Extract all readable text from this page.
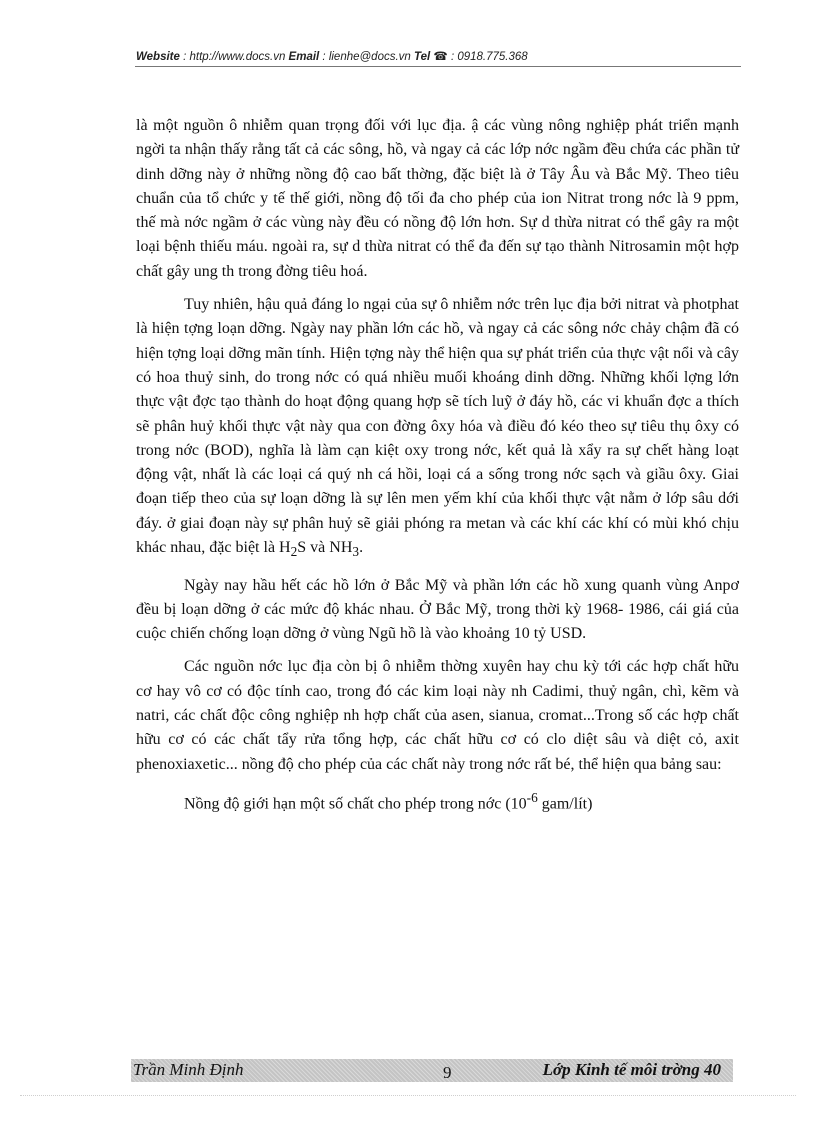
Website : http://www.docs.vn Email : lienhe@docs.vn Tel ☎ : 0918.775.368

là một nguồn ô nhiễm quan trọng đối với lục địa. ậ các vùng nông nghiệp phát triển mạnh ngời ta nhận thấy rằng tất cả các sông, hồ, và ngay cả các lớp nớc ngầm đều chứa các phần tử dinh dỡng này ở những nồng độ cao bất thờng, đặc biệt là ở Tây Âu và Bắc Mỹ. Theo tiêu chuẩn của tổ chức y tế thế giới, nồng độ tối đa cho phép của ion Nitrat trong nớc là 9 ppm, thế mà nớc ngầm ở các vùng này đều có nồng độ lớn hơn. Sự d thừa nitrat có thể gây ra một loại bệnh thiếu máu. ngoài ra, sự d thừa nitrat có thể đa đến sự tạo thành Nitrosamin một hợp chất gây ung th trong đờng tiêu hoá.

Tuy nhiên, hậu quả đáng lo ngại của sự ô nhiễm nớc trên lục địa bởi nitrat và photphat là hiện tợng loạn dỡng. Ngày nay phần lớn các hồ, và ngay cả các sông nớc chảy chậm đã có hiện tợng loại dỡng mãn tính. Hiện tợng này thể hiện qua sự phát triển của thực vật nổi và cây có hoa thuỷ sinh, do trong nớc có quá nhiều muối khoáng dinh dỡng. Những khối lợng lớn thực vật đợc tạo thành do hoạt động quang hợp sẽ tích luỹ ở đáy hồ, các vi khuẩn đợc a thích sẽ phân huỷ khối thực vật này qua con đờng ôxy hóa và điều đó kéo theo sự tiêu thụ ôxy có trong nớc (BOD), nghĩa là làm cạn kiệt oxy trong nớc, kết quả là xẩy ra sự chết hàng loạt động vật, nhất là các loại cá quý nh cá hồi, loại cá a sống trong nớc sạch và giầu ôxy. Giai đoạn tiếp theo của sự loạn dỡng là sự lên men yếm khí của khối thực vật nằm ở lớp sâu dới đáy. ở giai đoạn này sự phân huỷ sẽ giải phóng ra metan và các khí các khí có mùi khó chịu khác nhau, đặc biệt là $H_2S$ và $NH_3$.

Ngày nay hầu hết các hồ lớn ở Bắc Mỹ và phần lớn các hồ xung quanh vùng Anpơ đều bị loạn dỡng ở các mức độ khác nhau. Ở Bắc Mỹ, trong thời kỳ 1968- 1986, cái giá của cuộc chiến chống loạn dỡng ở vùng Ngũ hồ là vào khoảng 10 tỷ USD.

Các nguồn nớc lục địa còn bị ô nhiễm thờng xuyên hay chu kỳ tới các hợp chất hữu cơ hay vô cơ có độc tính cao, trong đó các kim loại này nh Cadimi, thuỷ ngân, chì, kẽm và natri, các chất độc công nghiệp nh hợp chất của asen, sianua, cromat...Trong số các hợp chất hữu cơ có các chất tẩy rửa tổng hợp, các chất hữu cơ có clo diệt sâu và diệt cỏ, axit phenoxiaxetic... nồng độ cho phép của các chất này trong nớc rất bé, thể hiện qua bảng sau:

Nồng độ giới hạn một số chất cho phép trong nớc ($10^{-6}$ gam/lít)

Trần Minh Định	9	Lớp Kinh tế môi trờng 40
